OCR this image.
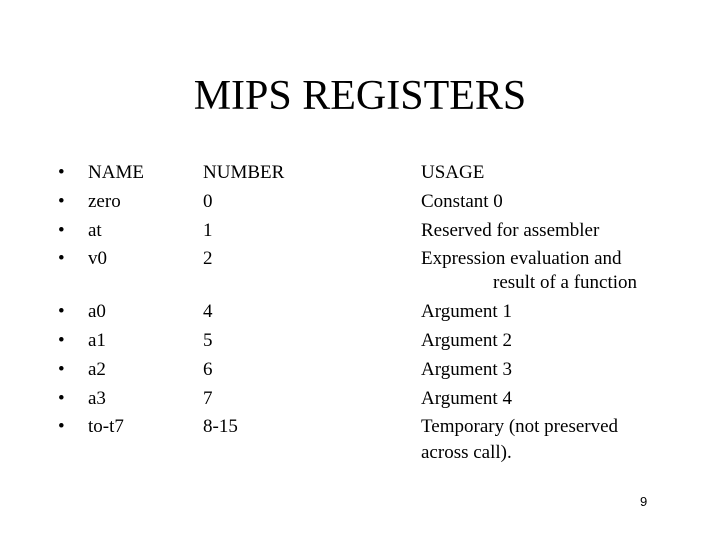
MIPS REGISTERS
• NAME	NUMBER	USAGE
• zero	0	Constant 0
• at	1	Reserved for assembler
• v0	2	Expression evaluation and
result of a function
• a0	4	Argument 1
• a1	5	Argument 2
• a2	6	Argument 3
• a3	7	Argument 4
• to-t7	8-15	Temporary (not preserved
across call).
9
